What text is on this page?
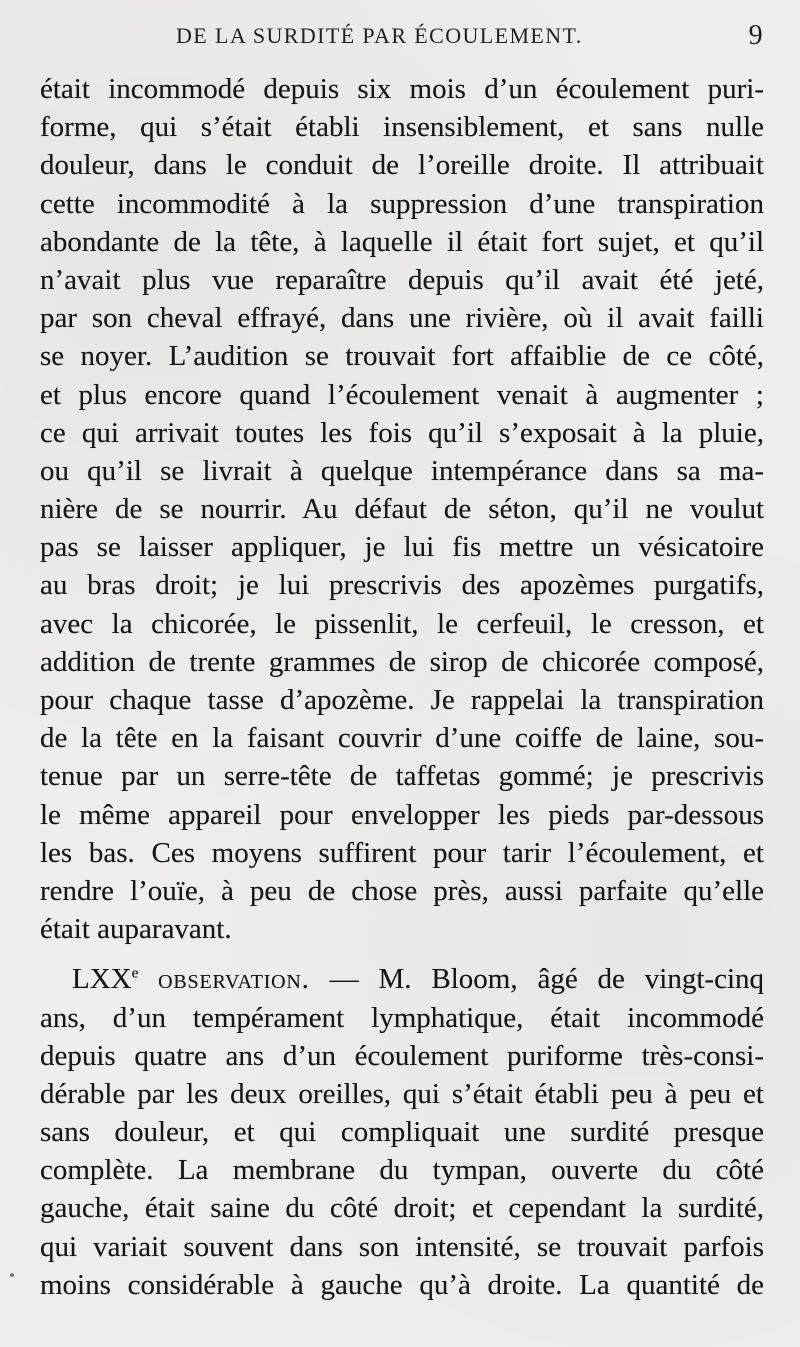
DE LA SURDITÉ PAR ÉCOULEMENT.	9
était incommodé depuis six mois d’un écoulement puri-
forme, qui s’était établi insensiblement, et sans nulle
douleur, dans le conduit de l’oreille droite. Il attribuait
cette incommodité à la suppression d’une transpiration
abondante de la tête, à laquelle il était fort sujet, et qu’il
n’avait plus vue reparaître depuis qu’il avait été jeté,
par son cheval effrayé, dans une rivière, où il avait failli
se noyer. L’audition se trouvait fort affaiblie de ce côté,
et plus encore quand l’écoulement venait à augmenter ;
ce qui arrivait toutes les fois qu’il s’exposait à la pluie,
ou qu’il se livrait à quelque intempérance dans sa ma-
nière de se nourrir. Au défaut de séton, qu’il ne voulut
pas se laisser appliquer, je lui fis mettre un vésicatoire
au bras droit; je lui prescrivis des apozèmes purgatifs,
avec la chicorée, le pissenlit, le cerfeuil, le cresson, et
addition de trente grammes de sirop de chicorée composé,
pour chaque tasse d’apozème. Je rappelai la transpiration
de la tête en la faisant couvrir d’une coiffe de laine, sou-
tenue par un serre-tête de taffetas gommé; je prescrivis
le même appareil pour envelopper les pieds par-dessous
les bas. Ces moyens suffirent pour tarir l’écoulement, et
rendre l’ouïe, à peu de chose près, aussi parfaite qu’elle
était auparavant.
LXXe observation. — M. Bloom, âgé de vingt-cinq
ans, d’un tempérament lymphatique, était incommodé
depuis quatre ans d’un écoulement puriforme très-consi-
dérable par les deux oreilles, qui s’était établi peu à peu et
sans douleur, et qui compliquait une surdité presque
complète. La membrane du tympan, ouverte du côté
gauche, était saine du côté droit; et cependant la surdité,
qui variait souvent dans son intensité, se trouvait parfois
moins considérable à gauche qu’à droite. La quantité de
